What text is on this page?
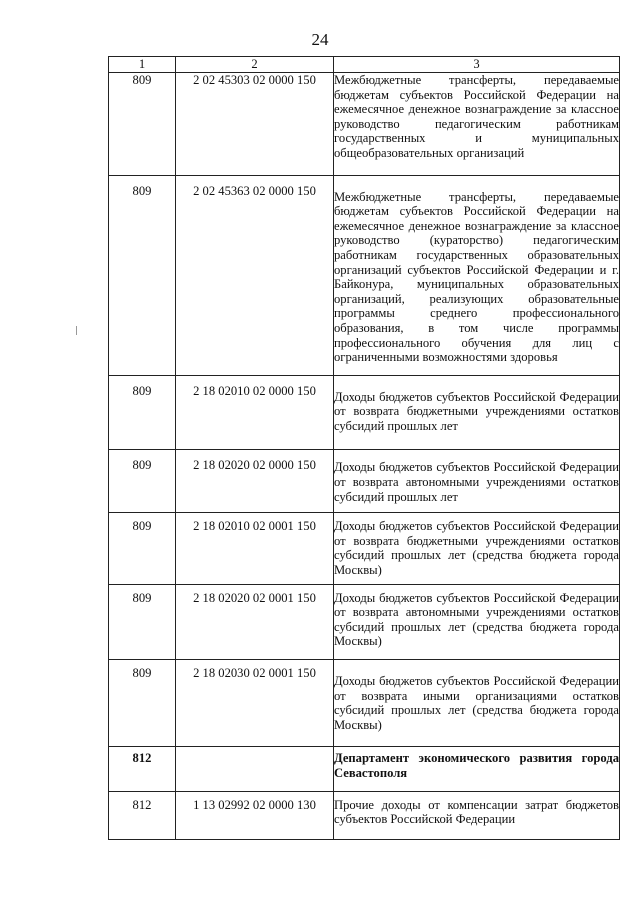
24
1	2	3
809	2 02 45303 02 0000 150	Межбюджетные трансферты, передаваемые бюджетам субъектов Российской Федерации на ежемесячное денежное вознаграждение за классное руководство педагогическим работникам государственных и муниципальных общеобразовательных организаций
809	2 02 45363 02 0000 150	Межбюджетные трансферты, передаваемые бюджетам субъектов Российской Федерации на ежемесячное денежное вознаграждение за классное руководство (кураторство) педагогическим работникам государственных образовательных организаций субъектов Российской Федерации и г. Байконура, муниципальных образовательных организаций, реализующих образовательные программы среднего профессионального образования, в том числе программы профессионального обучения для лиц с ограниченными возможностями здоровья
809	2 18 02010 02 0000 150	Доходы бюджетов субъектов Российской Федерации от возврата бюджетными учреждениями остатков субсидий прошлых лет
809	2 18 02020 02 0000 150	Доходы бюджетов субъектов Российской Федерации от возврата автономными учреждениями остатков субсидий прошлых лет
809	2 18 02010 02 0001 150	Доходы бюджетов субъектов Российской Федерации от возврата бюджетными учреждениями остатков субсидий прошлых лет (средства бюджета города Москвы)
809	2 18 02020 02 0001 150	Доходы бюджетов субъектов Российской Федерации от возврата автономными учреждениями остатков субсидий прошлых лет (средства бюджета города Москвы)
809	2 18 02030 02 0001 150	Доходы бюджетов субъектов Российской Федерации от возврата иными организациями остатков субсидий прошлых лет (средства бюджета города Москвы)
812		Департамент экономического развития города Севастополя
812	1 13 02992 02 0000 130	Прочие доходы от компенсации затрат бюджетов субъектов Российской Федерации
